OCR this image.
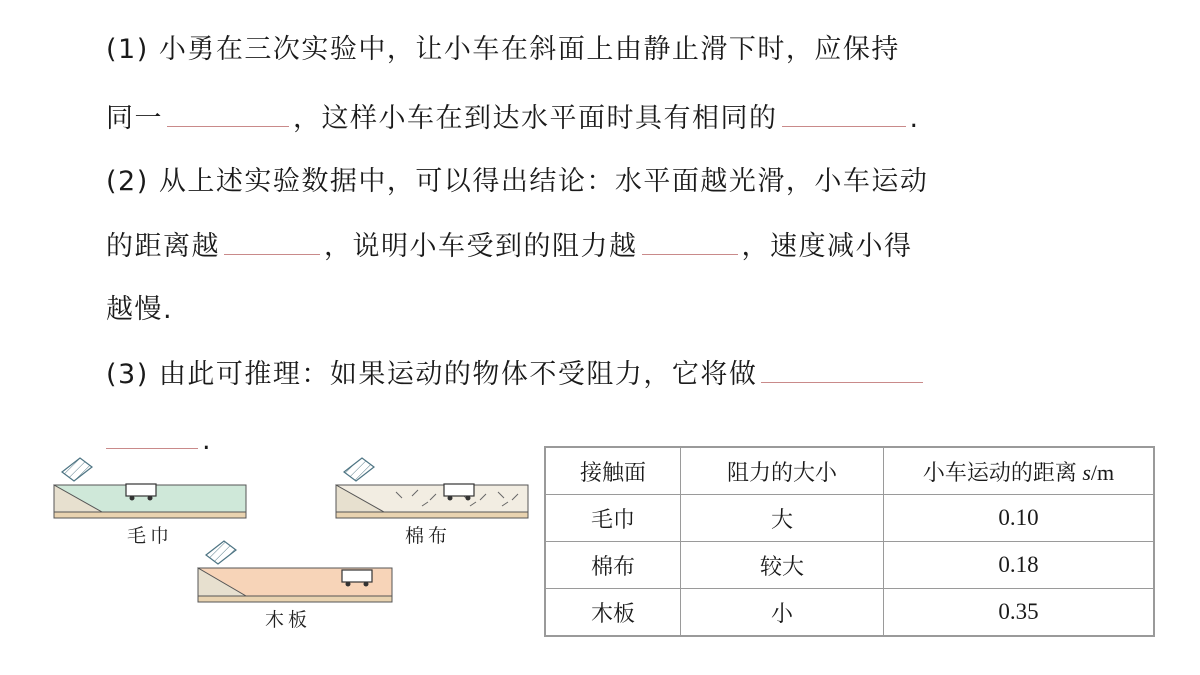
(1) 小勇在三次实验中，让小车在斜面上由静止滑下时，应保持
同一	，这样小车在到达水平面时具有相同的	.
(2) 从上述实验数据中，可以得出结论：水平面越光滑，小车运动
的距离越	，说明小车受到的阻力越	，速度减小得
越慢.
(3) 由此可推理：如果运动的物体不受阻力，它将做
.
毛巾	棉布
木板
接触面	阻力的大小	小车运动的距离 s/m
毛巾	大	0.10
棉布	较大	0.18
木板	小	0.35
